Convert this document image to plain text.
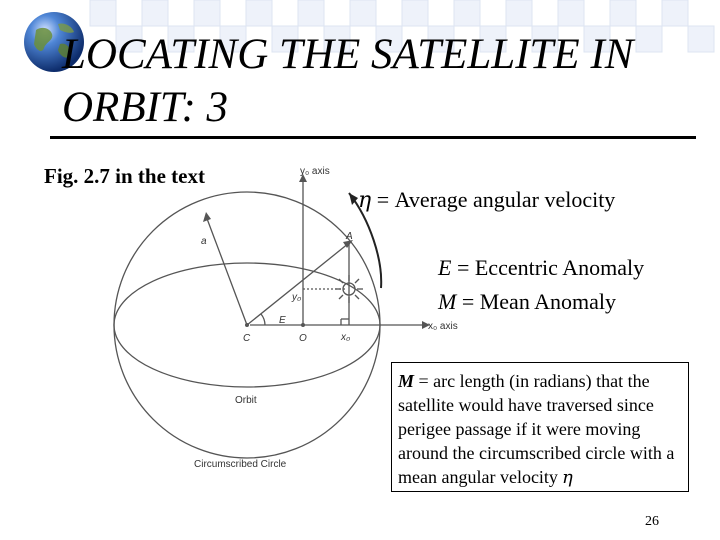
LOCATING THE SATELLITE IN
ORBIT: 3
Fig. 2.7 in the text	y₀ axis
x₀ axis
a	A
C	O
E
y₀
x₀
Orbit
Circumscribed Circle
η = Average angular velocity
E = Eccentric Anomaly
M = Mean Anomaly
M = arc length (in radians) that the satellite would have traversed since perigee passage if it were moving around the circumscribed circle with a mean angular velocity η
26
